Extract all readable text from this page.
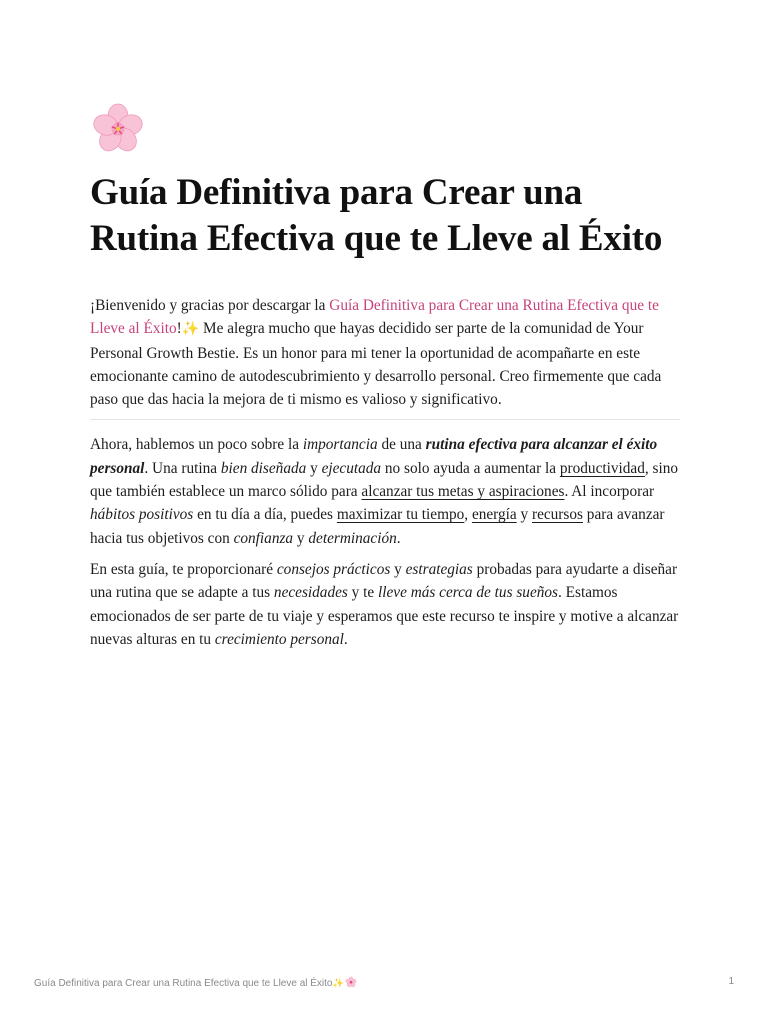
Guía Definitiva para Crear una Rutina Efectiva que te Lleve al Éxito

¡Bienvenido y gracias por descargar la Guía Definitiva para Crear una Rutina Efectiva que te Lleve al Éxito!✨ Me alegra mucho que hayas decidido ser parte de la comunidad de Your Personal Growth Bestie. Es un honor para mi tener la oportunidad de acompañarte en este emocionante camino de autodescubrimiento y desarrollo personal. Creo firmemente que cada paso que das hacia la mejora de ti mismo es valioso y significativo.

Ahora, hablemos un poco sobre la importancia de una rutina efectiva para alcanzar el éxito personal. Una rutina bien diseñada y ejecutada no solo ayuda a aumentar la productividad, sino que también establece un marco sólido para alcanzar tus metas y aspiraciones. Al incorporar hábitos positivos en tu día a día, puedes maximizar tu tiempo, energía y recursos para avanzar hacia tus objetivos con confianza y determinación.

En esta guía, te proporcionaré consejos prácticos y estrategias probadas para ayudarte a diseñar una rutina que se adapte a tus necesidades y te lleve más cerca de tus sueños. Estamos emocionados de ser parte de tu viaje y esperamos que este recurso te inspire y motive a alcanzar nuevas alturas en tu crecimiento personal.

Guía Definitiva para Crear una Rutina Efectiva que te Lleve al Éxito✨	1
